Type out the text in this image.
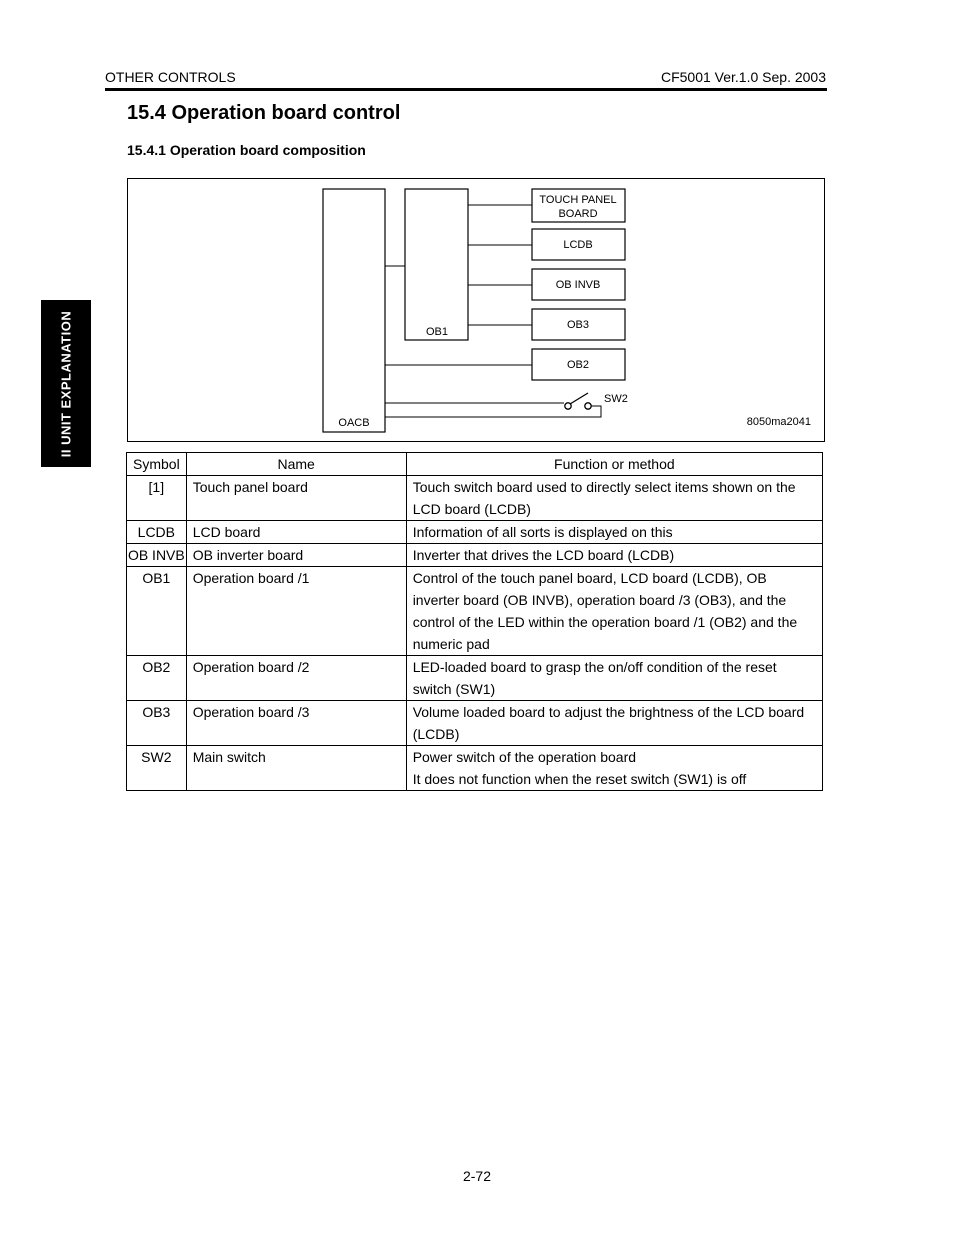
OTHER CONTROLS	CF5001 Ver.1.0 Sep. 2003
II UNIT EXPLANATION
15.4 Operation board control
15.4.1 Operation board composition
OACB
OB1
TOUCH PANEL
BOARD
LCDB
OB INVB
OB3
OB2
SW2
8050ma2041
Symbol	Name	Function or method
[1]	Touch panel board	Touch switch board used to directly select items shown on the LCD board (LCDB)
LCDB	LCD board	Information of all sorts is displayed on this
OB INVB	OB inverter board	Inverter that drives the LCD board (LCDB)
OB1	Operation board /1	Control of the touch panel board, LCD board (LCDB), OB inverter board (OB INVB), operation board /3 (OB3), and the control of the LED within the operation board /1 (OB2) and the numeric pad
OB2	Operation board /2	LED-loaded board to grasp the on/off condition of the reset switch (SW1)
OB3	Operation board /3	Volume loaded board to adjust the brightness of the LCD board (LCDB)
SW2	Main switch	Power switch of the operation board
It does not function when the reset switch (SW1) is off
2-72
